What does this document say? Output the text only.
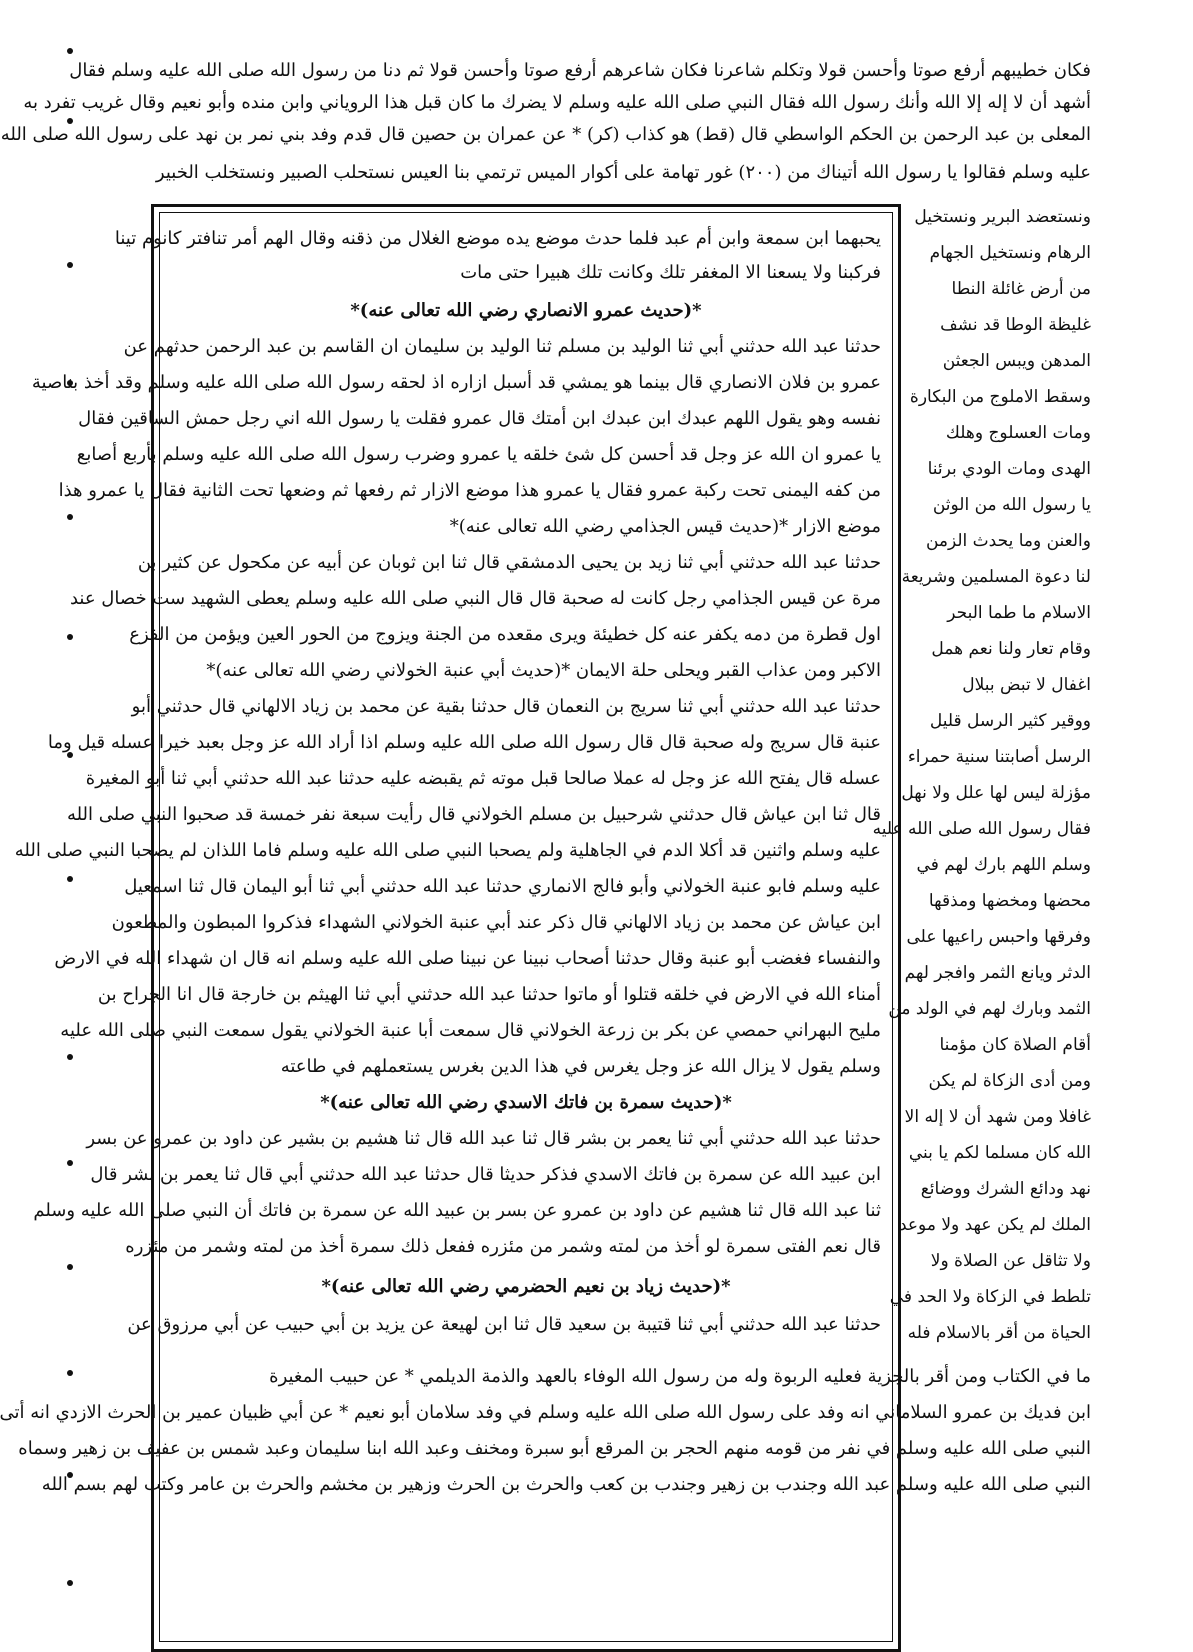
فكان خطيبهم أرفع صوتا وأحسن قولا وتكلم شاعرنا فكان شاعرهم أرفع صوتا وأحسن قولا ثم دنا من رسول الله صلى الله عليه وسلم فقال
أشهد أن لا إله إلا الله وأنك رسول الله فقال النبي صلى الله عليه وسلم لا يضرك ما كان قبل هذا الروياني وابن منده وأبو نعيم وقال غريب تفرد به
المعلى بن عبد الرحمن بن الحكم الواسطي قال (قط) هو كذاب (كر) * عن عمران بن حصين قال قدم وفد بني نمر بن نهد على رسول الله صلى الله
عليه وسلم فقالوا يا رسول الله أتيناك من (٢٠٠) غور تهامة على أكوار الميس ترتمي بنا العيس نستحلب الصبير ونستخلب الخبير
يحبهما ابن سمعة وابن أم عبد فلما حدث موضع يده موضع الغلال من ذقنه وقال الهم أمر تنافتر كانوم تينا
فركبنا ولا يسعنا الا المغفر تلك وكانت تلك هبيرا حتى مات
*(حديث عمرو الانصاري رضي الله تعالى عنه)*
حدثنا عبد الله حدثني أبي ثنا الوليد بن مسلم ثنا الوليد بن سليمان ان القاسم بن عبد الرحمن حدثهم عن
عمرو بن فلان الانصاري قال بينما هو يمشي قد أسبل ازاره اذ لحقه رسول الله صلى الله عليه وسلم وقد أخذ بناصية
نفسه وهو يقول اللهم عبدك ابن عبدك ابن أمتك قال عمرو فقلت يا رسول الله اني رجل حمش الساقين فقال
يا عمرو ان الله عز وجل قد أحسن كل شئ خلقه يا عمرو وضرب رسول الله صلى الله عليه وسلم بأربع أصابع
من كفه اليمنى تحت ركبة عمرو فقال يا عمرو هذا موضع الازار ثم رفعها ثم وضعها تحت الثانية فقال يا عمرو هذا
موضع الازار *(حديث قيس الجذامي رضي الله تعالى عنه)*
حدثنا عبد الله حدثني أبي ثنا زيد بن يحيى الدمشقي قال ثنا ابن ثوبان عن أبيه عن مكحول عن كثير بن
مرة عن قيس الجذامي رجل كانت له صحبة قال قال النبي صلى الله عليه وسلم يعطى الشهيد ست خصال عند
اول قطرة من دمه يكفر عنه كل خطيئة ويرى مقعده من الجنة ويزوج من الحور العين ويؤمن من الفزع
الاكبر ومن عذاب القبر ويحلى حلة الايمان *(حديث أبي عنبة الخولاني رضي الله تعالى عنه)*
حدثنا عبد الله حدثني أبي ثنا سريج بن النعمان قال حدثنا بقية عن محمد بن زياد الالهاني قال حدثني أبو
عنبة قال سريج وله صحبة قال قال رسول الله صلى الله عليه وسلم اذا أراد الله عز وجل بعبد خيرا عسله قيل وما
عسله قال يفتح الله عز وجل له عملا صالحا قبل موته ثم يقبضه عليه حدثنا عبد الله حدثني أبي ثنا أبو المغيرة
قال ثنا ابن عياش قال حدثني شرحبيل بن مسلم الخولاني قال رأيت سبعة نفر خمسة قد صحبوا النبي صلى الله
عليه وسلم واثنين قد أكلا الدم في الجاهلية ولم يصحبا النبي صلى الله عليه وسلم فاما اللذان لم يصحبا النبي صلى الله
عليه وسلم فابو عنبة الخولاني وأبو فالج الانماري حدثنا عبد الله حدثني أبي ثنا أبو اليمان قال ثنا اسمعيل
ابن عياش عن محمد بن زياد الالهاني قال ذكر عند أبي عنبة الخولاني الشهداء فذكروا المبطون والمطعون
والنفساء فغضب أبو عنبة وقال حدثنا أصحاب نبينا عن نبينا صلى الله عليه وسلم انه قال ان شهداء الله في الارض
أمناء الله في الارض في خلقه قتلوا أو ماتوا حدثنا عبد الله حدثني أبي ثنا الهيثم بن خارجة قال انا الجراح بن
مليح البهراني حمصي عن بكر بن زرعة الخولاني قال سمعت أبا عنبة الخولاني يقول سمعت النبي صلى الله عليه
وسلم يقول لا يزال الله عز وجل يغرس في هذا الدين بغرس يستعملهم في طاعته
*(حديث سمرة بن فاتك الاسدي رضي الله تعالى عنه)*
حدثنا عبد الله حدثني أبي ثنا يعمر بن بشر قال ثنا عبد الله قال ثنا هشيم بن بشير عن داود بن عمرو عن بسر
ابن عبيد الله عن سمرة بن فاتك الاسدي فذكر حديثا قال حدثنا عبد الله حدثني أبي قال ثنا يعمر بن بشر قال
ثنا عبد الله قال ثنا هشيم عن داود بن عمرو عن بسر بن عبيد الله عن سمرة بن فاتك أن النبي صلى الله عليه وسلم
قال نعم الفتى سمرة لو أخذ من لمته وشمر من مئزره ففعل ذلك سمرة أخذ من لمته وشمر من مئزره
*(حديث زياد بن نعيم الحضرمي رضي الله تعالى عنه)*
حدثنا عبد الله حدثني أبي ثنا قتيبة بن سعيد قال ثنا ابن لهيعة عن يزيد بن أبي حبيب عن أبي مرزوق عن
ونستعضد البرير ونستخيل
الرهام ونستخيل الجهام
من أرض غائلة النطا
غليظة الوطا قد نشف
المدهن ويبس الجعثن
وسقط الاملوج من البكارة
ومات العسلوج وهلك
الهدى ومات الودي برئنا
يا رسول الله من الوثن
والعنن وما يحدث الزمن
لنا دعوة المسلمين وشريعة
الاسلام ما طما البحر
وقام تعار ولنا نعم همل
اغفال لا تبض ببلال
ووقير كثير الرسل قليل
الرسل أصابتنا سنية حمراء
مؤزلة ليس لها علل ولا نهل
فقال رسول الله صلى الله عليه
وسلم اللهم بارك لهم في
محضها ومخضها ومذقها
وفرقها واحبس راعيها على
الدثر ويانع الثمر وافجر لهم
الثمد وبارك لهم في الولد من
أقام الصلاة كان مؤمنا
ومن أدى الزكاة لم يكن
غافلا ومن شهد أن لا إله الا
الله كان مسلما لكم يا بني
نهد ودائع الشرك ووضائع
الملك لم يكن عهد ولا موعد
ولا تثاقل عن الصلاة ولا
تلطط في الزكاة ولا الحد في
الحياة من أقر بالاسلام فله
ما في الكتاب ومن أقر بالجزية فعليه الربوة وله من رسول الله الوفاء بالعهد والذمة الديلمي * عن حبيب المغيرة
ابن فديك بن عمرو السلاماني انه وفد على رسول الله صلى الله عليه وسلم في وفد سلامان أبو نعيم * عن أبي ظبيان عمير بن الحرث الازدي انه أتى
النبي صلى الله عليه وسلم في نفر من قومه منهم الحجر بن المرقع أبو سبرة ومخنف وعبد الله ابنا سليمان وعبد شمس بن عفيف بن زهير وسماه
النبي صلى الله عليه وسلم عبد الله وجندب بن زهير وجندب بن كعب والحرث بن الحرث وزهير بن مخشم والحرث بن عامر وكتب لهم بسم الله
